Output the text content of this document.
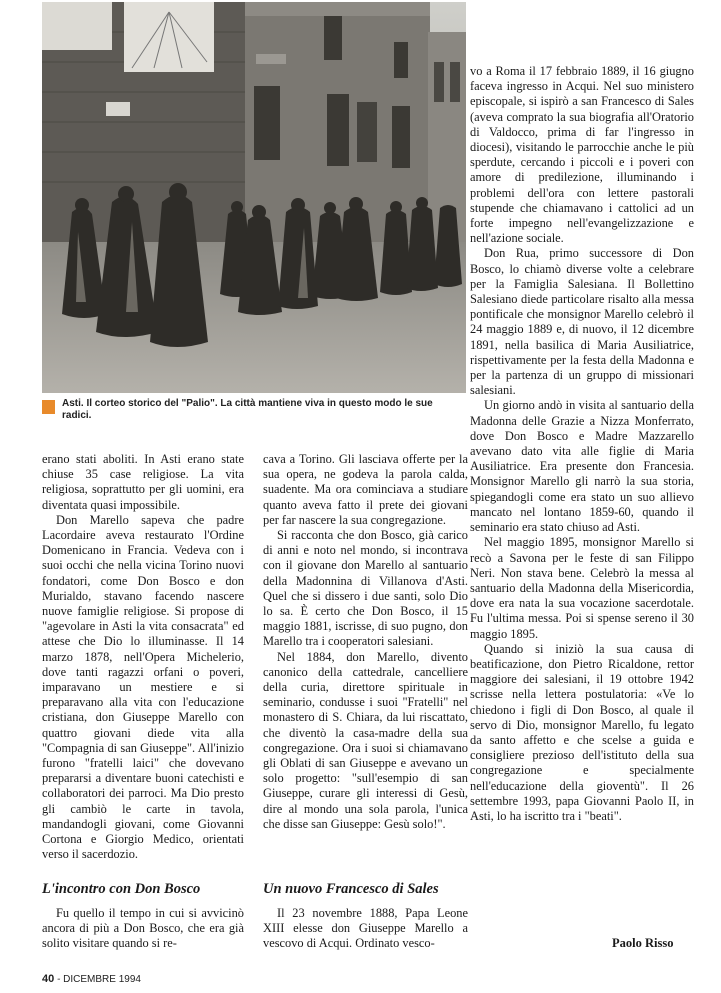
Asti. Il corteo storico del "Palio". La città mantiene viva in questo modo le sue radici.

erano stati aboliti. In Asti erano state chiuse 35 case religiose. La vita religiosa, soprattutto per gli uomini, era diventata quasi impossibile.

Don Marello sapeva che padre Lacordaire aveva restaurato l'Ordine Domenicano in Francia. Vedeva con i suoi occhi che nella vicina Torino nuovi fondatori, come Don Bosco e don Murialdo, stavano facendo nascere nuove famiglie religiose. Si propose di "agevolare in Asti la vita consacrata" ed attese che Dio lo illuminasse. Il 14 marzo 1878, nell'Opera Michelerio, dove tanti ragazzi orfani o poveri, imparavano un mestiere e si preparavano alla vita con l'educazione cristiana, don Giuseppe Marello con quattro giovani diede vita alla "Compagnia di san Giuseppe". All'inizio furono "fratelli laici" che dovevano prepararsi a diventare buoni catechisti e collaboratori dei parroci. Ma Dio presto gli cambiò le carte in tavola, mandandogli giovani, come Giovanni Cortona e Giorgio Medico, orientati verso il sacerdozio.

cava a Torino. Gli lasciava offerte per la sua opera, ne godeva la parola calda, suadente. Ma ora cominciava a studiare quanto aveva fatto il prete dei giovani per far nascere la sua congregazione.

Si racconta che don Bosco, già carico di anni e noto nel mondo, si incontrava con il giovane don Marello al santuario della Madonnina di Villanova d'Asti. Quel che si dissero i due santi, solo Dio lo sa. È certo che Don Bosco, il 15 maggio 1881, iscrisse, di suo pugno, don Marello tra i cooperatori salesiani.

Nel 1884, don Marello, divento canonico della cattedrale, cancelliere della curia, direttore spirituale in seminario, condusse i suoi "Fratelli" nel monastero di S. Chiara, da lui riscattato, che diventò la casa-madre della sua congregazione. Ora i suoi si chiamavano gli Oblati di san Giuseppe e avevano un solo progetto: "sull'esempio di san Giuseppe, curare gli interessi di Gesù, dire al mondo una sola parola, l'unica che disse san Giuseppe: Gesù solo!".

vo a Roma il 17 febbraio 1889, il 16 giugno faceva ingresso in Acqui. Nel suo ministero episcopale, si ispirò a san Francesco di Sales (aveva comprato la sua biografia all'Oratorio di Valdocco, prima di far l'ingresso in diocesi), visitando le parrocchie anche le più sperdute, cercando i piccoli e i poveri con amore di predilezione, illuminando i problemi dell'ora con lettere pastorali stupende che chiamavano i cattolici ad un forte impegno nell'evangelizzazione e nell'azione sociale.

Don Rua, primo successore di Don Bosco, lo chiamò diverse volte a celebrare per la Famiglia Salesiana. Il Bollettino Salesiano diede particolare risalto alla messa pontificale che monsignor Marello celebrò il 24 maggio 1889 e, di nuovo, il 12 dicembre 1891, nella basilica di Maria Ausiliatrice, rispettivamente per la festa della Madonna e per la partenza di un gruppo di missionari salesiani.

Un giorno andò in visita al santuario della Madonna delle Grazie a Nizza Monferrato, dove Don Bosco e Madre Mazzarello avevano dato vita alle figlie di Maria Ausiliatrice. Era presente don Francesia. Monsignor Marello gli narrò la sua storia, spiegandogli come era stato un suo allievo mancato nel lontano 1859-60, quando il seminario era stato chiuso ad Asti.

Nel maggio 1895, monsignor Marello si recò a Savona per le feste di san Filippo Neri. Non stava bene. Celebrò la messa al santuario della Madonna della Misericordia, dove era nata la sua vocazione sacerdotale. Fu l'ultima messa. Poi si spense sereno il 30 maggio 1895.

Quando si iniziò la sua causa di beatificazione, don Pietro Ricaldone, rettor maggiore dei salesiani, il 19 ottobre 1942 scrisse nella lettera postulatoria: «Ve lo chiedono i figli di Don Bosco, al quale il servo di Dio, monsignor Marello, fu legato da santo affetto e che scelse a guida e consigliere prezioso dell'istituto della sua congregazione e specialmente nell'educazione della gioventù". Il 26 settembre 1993, papa Giovanni Paolo II, in Asti, lo ha iscritto tra i "beati".

L'incontro con Don Bosco

Fu quello il tempo in cui si avvicinò ancora di più a Don Bosco, che era già solito visitare quando si re-

Un nuovo Francesco di Sales

Il 23 novembre 1888, Papa Leone XIII elesse don Giuseppe Marello a vescovo di Acqui. Ordinato vesco-	Paolo Risso
40 - DICEMBRE 1994
